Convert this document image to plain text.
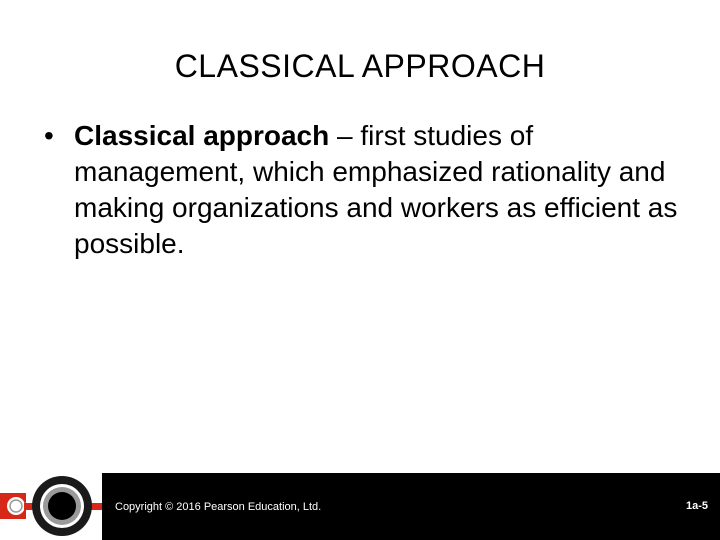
CLASSICAL APPROACH
• Classical approach – first studies of management, which emphasized rationality and making organizations and workers as efficient as possible.
Copyright © 2016 Pearson Education, Ltd.	1a-5
